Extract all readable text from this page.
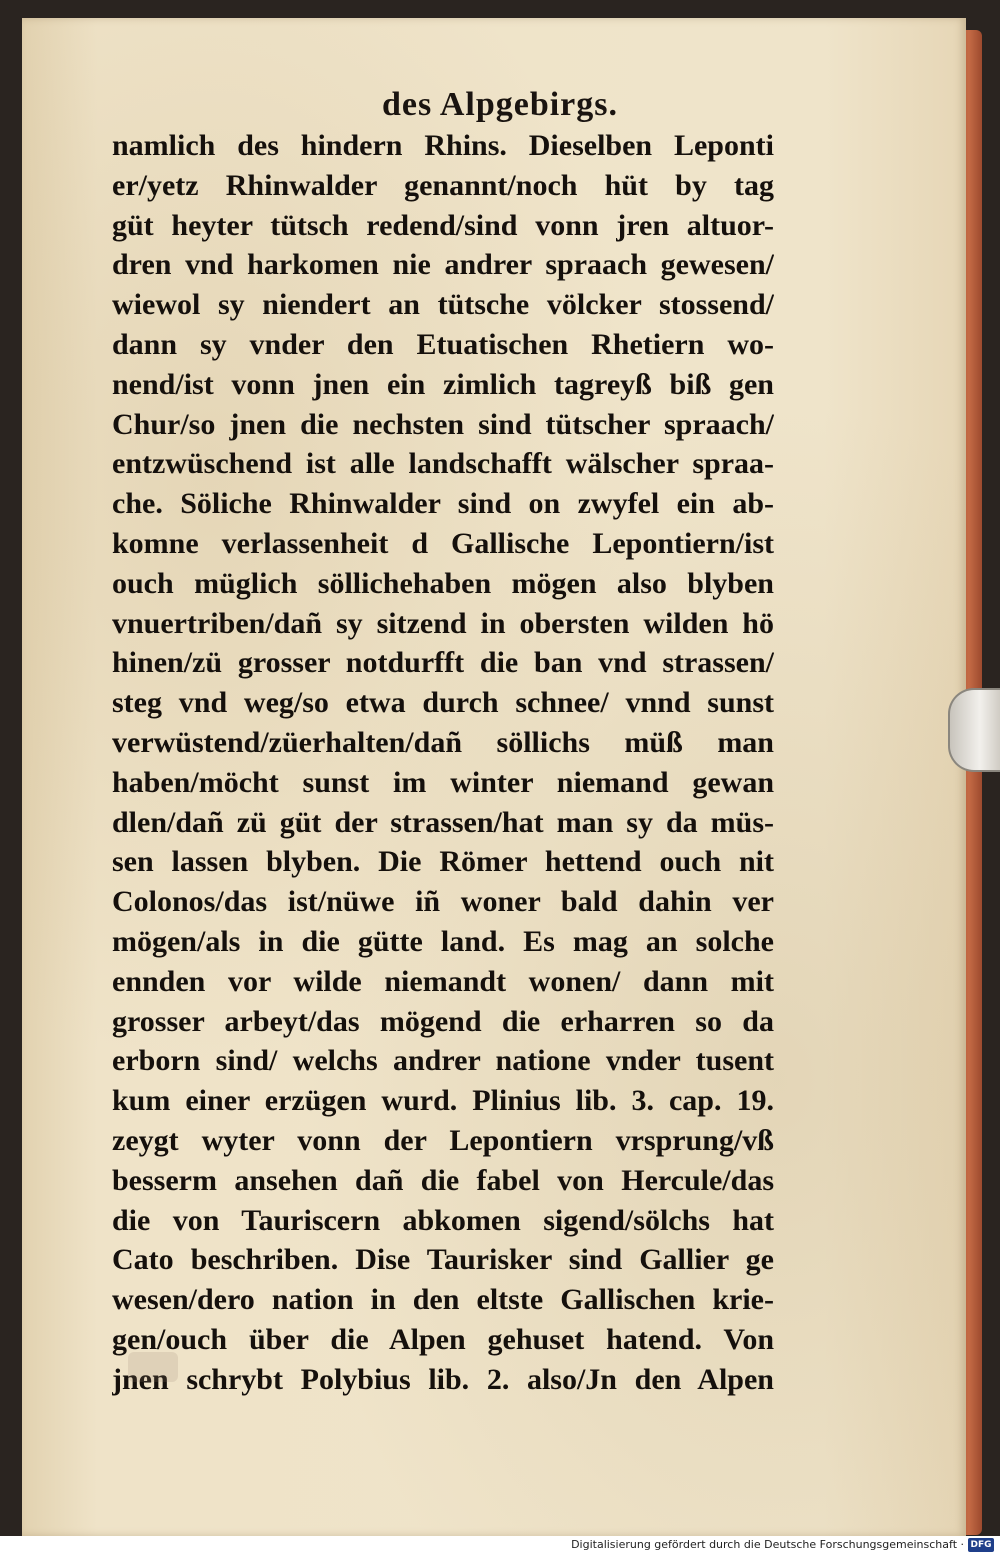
des Alpgebirgs.
namlich des hindern Rhins. Dieselben Leponti
er/yetz Rhinwalder genannt/noch hüt by tag
güt heyter tütsch redend/sind vonn jren altuor-
dren vnd harkomen nie andrer spraach gewesen/
wiewol sy niendert an tütsche völcker stossend/
dann sy vnder den Etuatischen Rhetiern wo-
nend/ist vonn jnen ein zimlich tagreyß biß gen
Chur/so jnen die nechsten sind tütscher spraach/
entzwüschend ist alle landschafft wälscher spraa-
che. Söliche Rhinwalder sind on zwyfel ein ab-
komne verlassenheit d Gallische Lepontiern/ist
ouch müglich söllichehaben mögen also blyben
vnuertriben/dañ sy sitzend in obersten wilden hö
hinen/zü grosser notdurfft die ban vnd strassen/
steg vnd weg/so etwa durch schnee/ vnnd sunst
verwüstend/züerhalten/dañ söllichs müß man
haben/möcht sunst im winter niemand gewan
dlen/dañ zü güt der strassen/hat man sy da müs-
sen lassen blyben. Die Römer hettend ouch nit
Colonos/das ist/nüwe iñ woner bald dahin ver
mögen/als in die gütte land. Es mag an solche
ennden vor wilde niemandt wonen/ dann mit
grosser arbeyt/das mögend die erharren so da
erborn sind/ welchs andrer natione vnder tusent
kum einer erzügen wurd. Plinius lib. 3. cap. 19.
zeygt wyter vonn der Lepontiern vrsprung/vß
besserm ansehen dañ die fabel von Hercule/das
die von Tauriscern abkomen sigend/sölchs hat
Cato beschriben. Dise Taurisker sind Gallier ge
wesen/dero nation in den eltste Gallischen krie-
gen/ouch über die Alpen gehuset hatend. Von
jnen schrybt Polybius lib. 2. also/Jn den Alpen
Digitalisierung gefördert durch die Deutsche Forschungsgemeinschaft · DFG
